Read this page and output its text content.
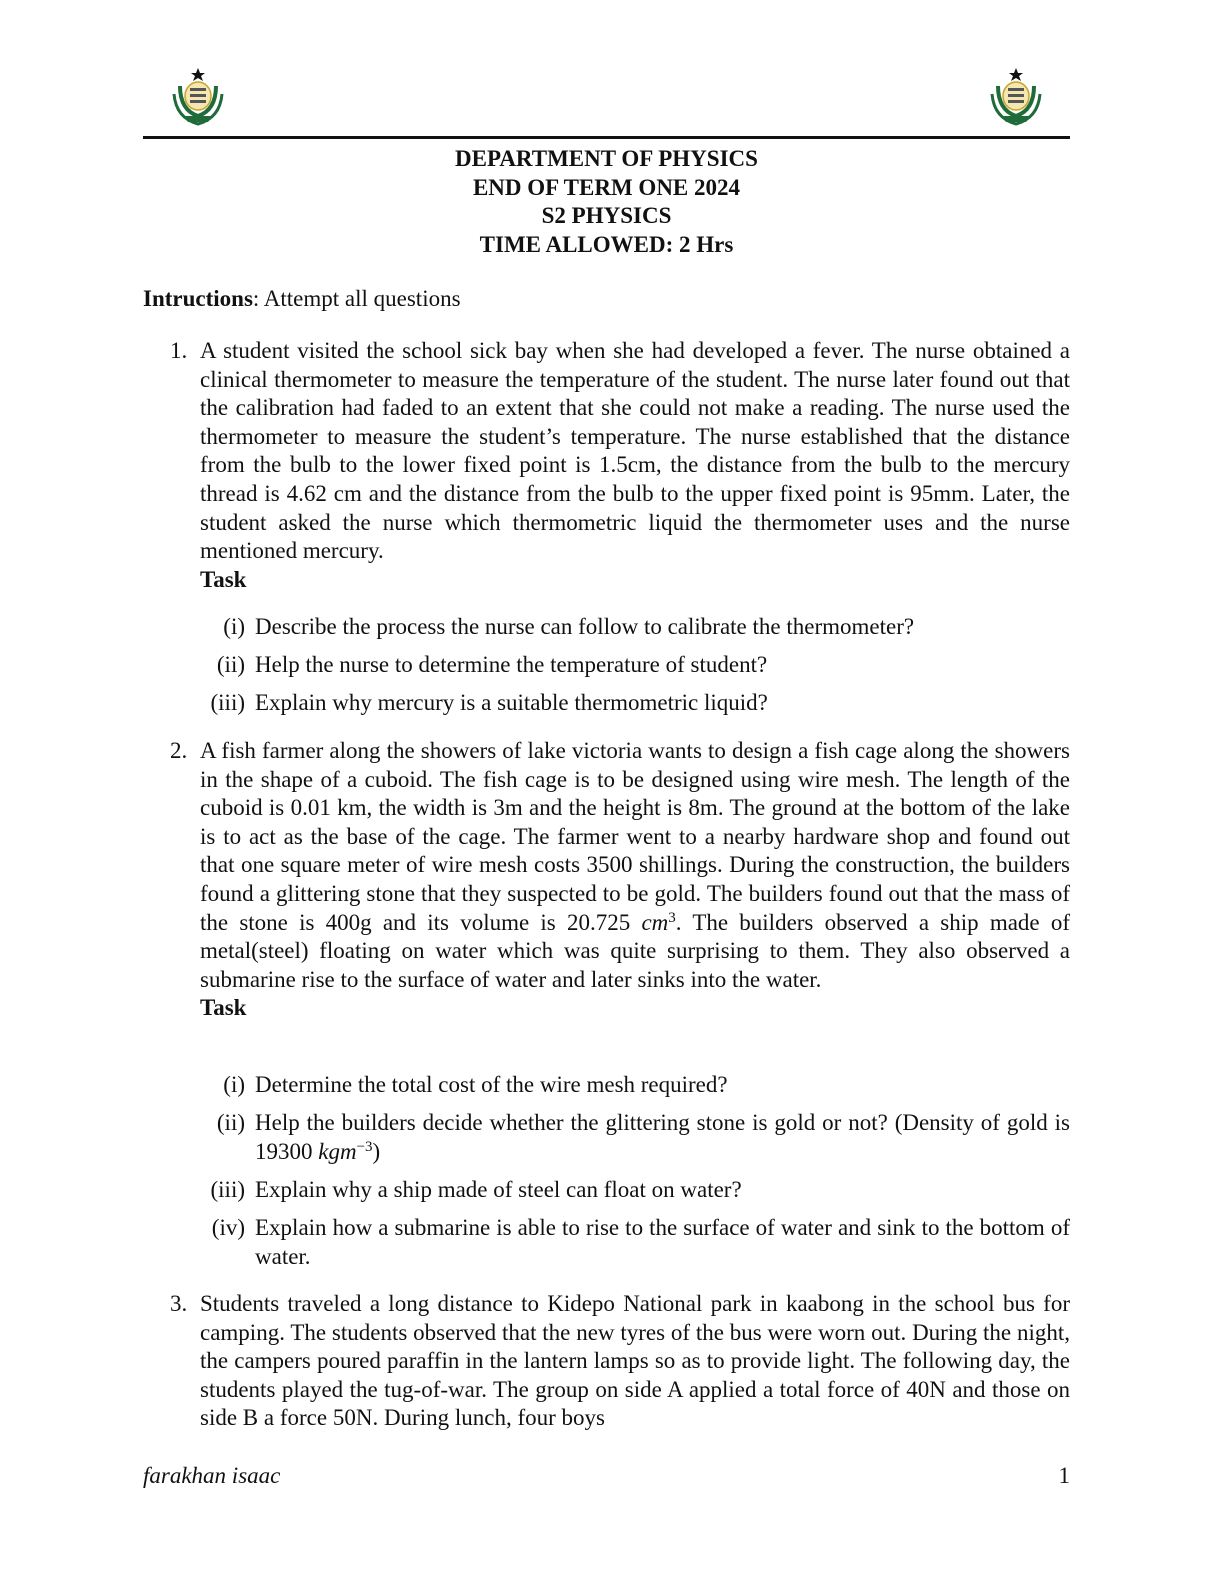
DEPARTMENT OF PHYSICS
END OF TERM ONE 2024
S2 PHYSICS
TIME ALLOWED: 2 Hrs
Intructions: Attempt all questions
1. A student visited the school sick bay when she had developed a fever. The nurse obtained a clinical thermometer to measure the temperature of the student. The nurse later found out that the calibration had faded to an extent that she could not make a reading. The nurse used the thermometer to measure the student’s temperature. The nurse established that the distance from the bulb to the lower fixed point is 1.5cm, the distance from the bulb to the mercury thread is 4.62 cm and the distance from the bulb to the upper fixed point is 95mm. Later, the student asked the nurse which thermometric liquid the thermometer uses and the nurse mentioned mercury.
Task
(i) Describe the process the nurse can follow to calibrate the thermometer?
(ii) Help the nurse to determine the temperature of student?
(iii) Explain why mercury is a suitable thermometric liquid?
2. A fish farmer along the showers of lake victoria wants to design a fish cage along the showers in the shape of a cuboid. The fish cage is to be designed using wire mesh. The length of the cuboid is 0.01 km, the width is 3m and the height is 8m. The ground at the bottom of the lake is to act as the base of the cage. The farmer went to a nearby hardware shop and found out that one square meter of wire mesh costs 3500 shillings. During the construction, the builders found a glittering stone that they suspected to be gold. The builders found out that the mass of the stone is 400g and its volume is 20.725 $cm^3$. The builders observed a ship made of metal(steel) floating on water which was quite surprising to them. They also observed a submarine rise to the surface of water and later sinks into the water.
Task
(i) Determine the total cost of the wire mesh required?
(ii) Help the builders decide whether the glittering stone is gold or not? (Density of gold is 19300 kgm$^{-3}$)
(iii) Explain why a ship made of steel can float on water?
(iv) Explain how a submarine is able to rise to the surface of water and sink to the bottom of water.
3. Students traveled a long distance to Kidepo National park in kaabong in the school bus for camping. The students observed that the new tyres of the bus were worn out. During the night, the campers poured paraffin in the lantern lamps so as to provide light. The following day, the students played the tug-of-war. The group on side A applied a total force of 40N and those on side B a force 50N. During lunch, four boys
farakhan isaac	1
